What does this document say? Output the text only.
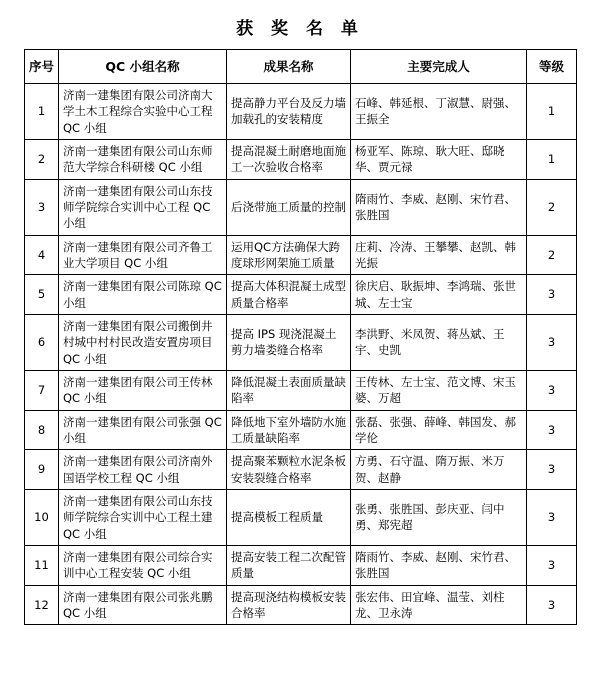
获 奖 名 单
序号	QC 小组名称	成果名称	主要完成人	等级
1	济南一建集团有限公司济南大学土木工程综合实验中心工程 QC 小组	提高静力平台及反力墙加载孔的安装精度	石峰、韩延根、丁淑慧、尉强、王振全	1
2	济南一建集团有限公司山东师范大学综合科研楼 QC 小组	提高混凝土耐磨地面施工一次验收合格率	杨亚军、陈琼、耿大旺、邸晓华、贾元禄	1
3	济南一建集团有限公司山东技师学院综合实训中心工程 QC 小组	后浇带施工质量的控制	隋雨竹、李威、赵刚、宋竹君、张胜国	2
4	济南一建集团有限公司齐鲁工业大学项目 QC 小组	运用QC方法确保大跨度球形网架施工质量	庄莉、冷涛、王攀攀、赵凯、韩光振	2
5	济南一建集团有限公司陈琼 QC 小组	提高大体积混凝土成型质量合格率	徐庆启、耿振坤、李鸿瑞、张世城、左士宝	3
6	济南一建集团有限公司搬倒井村城中村村民改造安置房项目 QC 小组	提高 IPS 现浇混凝土剪力墙娄缝合格率	李洪野、米凤贺、蒋丛斌、王宇、史凯	3
7	济南一建集团有限公司王传林 QC 小组	降低混凝土表面质量缺陷率	王传林、左士宝、范文博、宋玉婆、万超	3
8	济南一建集团有限公司张强 QC 小组	降低地下室外墙防水施工质量缺陷率	张磊、张强、薛峰、韩国发、郝学伦	3
9	济南一建集团有限公司济南外国语学校工程 QC 小组	提高聚苯颗粒水泥条板安装裂缝合格率	方勇、石守温、隋万振、米万贺、赵静	3
10	济南一建集团有限公司山东技师学院综合实训中心工程土建 QC 小组	提高模板工程质量	张勇、张胜国、彭庆亚、闫中勇、郑宪超	3
11	济南一建集团有限公司综合实训中心工程安装 QC 小组	提高安装工程二次配管质量	隋雨竹、李威、赵刚、宋竹君、张胜国	3
12	济南一建集团有限公司张兆鹏 QC 小组	提高现浇结构模板安装合格率	张宏伟、田宜峰、温莹、刘柱龙、卫永涛	3
